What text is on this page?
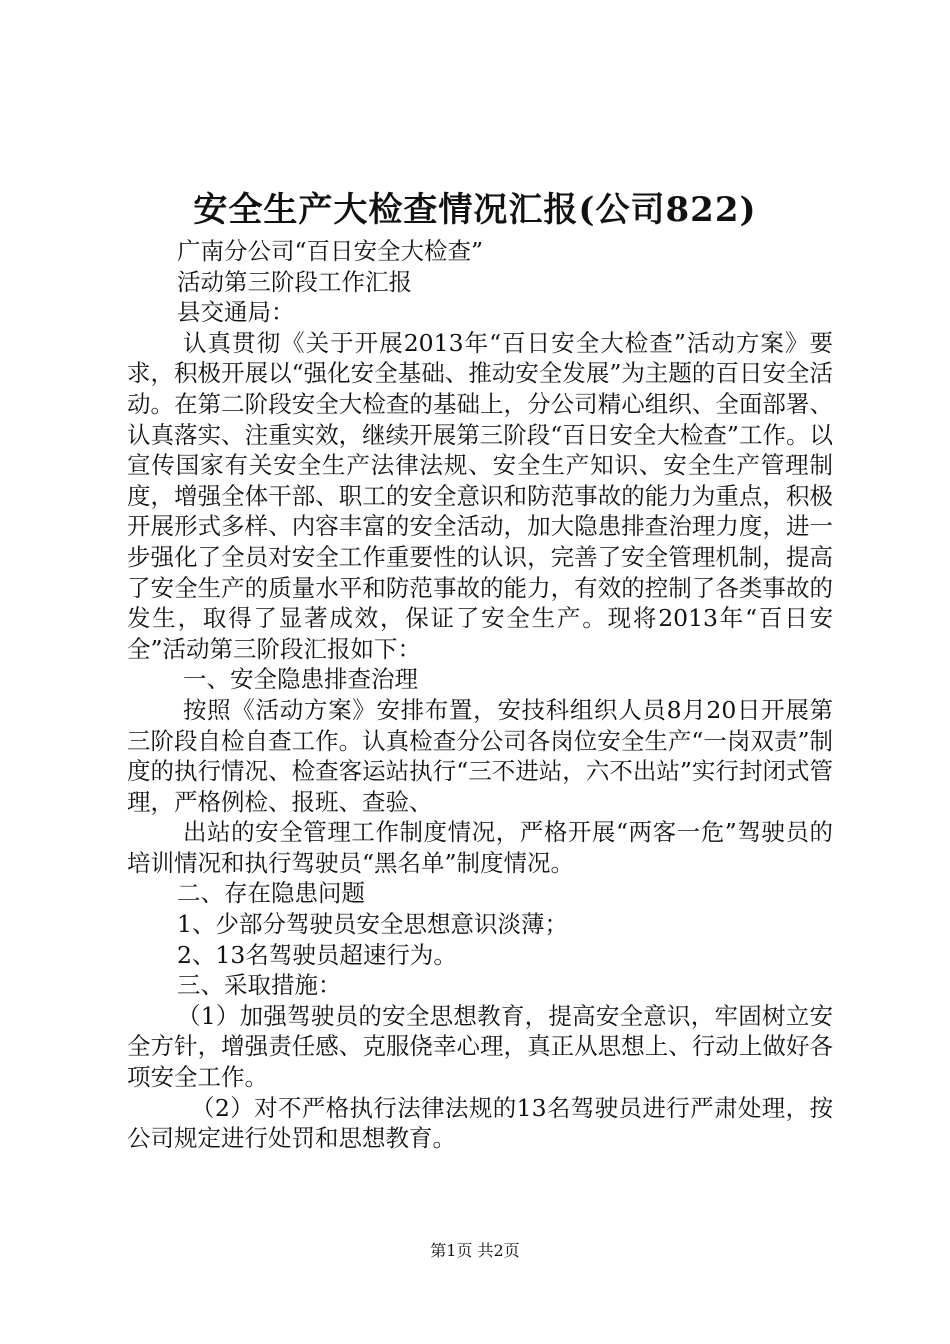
安全生产大检查情况汇报(公司822)

广南分公司“百日安全大检查”

活动第三阶段工作汇报

县交通局：

认真贯彻《关于开展2013年“百日安全大检查”活动方案》要求，积极开展以“强化安全基础、推动安全发展”为主题的百日安全活动。在第二阶段安全大检查的基础上，分公司精心组织、全面部署、认真落实、注重实效，继续开展第三阶段“百日安全大检查”工作。以宣传国家有关安全生产法律法规、安全生产知识、安全生产管理制度，增强全体干部、职工的安全意识和防范事故的能力为重点，积极开展形式多样、内容丰富的安全活动，加大隐患排查治理力度，进一步强化了全员对安全工作重要性的认识，完善了安全管理机制，提高了安全生产的质量水平和防范事故的能力，有效的控制了各类事故的发生，取得了显著成效，保证了安全生产。现将2013年“百日安全”活动第三阶段汇报如下：

一、安全隐患排查治理

按照《活动方案》安排布置，安技科组织人员8月20日开展第三阶段自检自查工作。认真检查分公司各岗位安全生产“一岗双责”制度的执行情况、检查客运站执行“三不进站，六不出站”实行封闭式管理，严格例检、报班、查验、

出站的安全管理工作制度情况，严格开展“两客一危”驾驶员的培训情况和执行驾驶员“黑名单”制度情况。

二、存在隐患问题

1、少部分驾驶员安全思想意识淡薄；

2、13名驾驶员超速行为。

三、采取措施：

（1）加强驾驶员的安全思想教育，提高安全意识，牢固树立安全方针，增强责任感、克服侥幸心理，真正从思想上、行动上做好各项安全工作。

（2）对不严格执行法律法规的13名驾驶员进行严肃处理，按公司规定进行处罚和思想教育。

第1页 共2页
